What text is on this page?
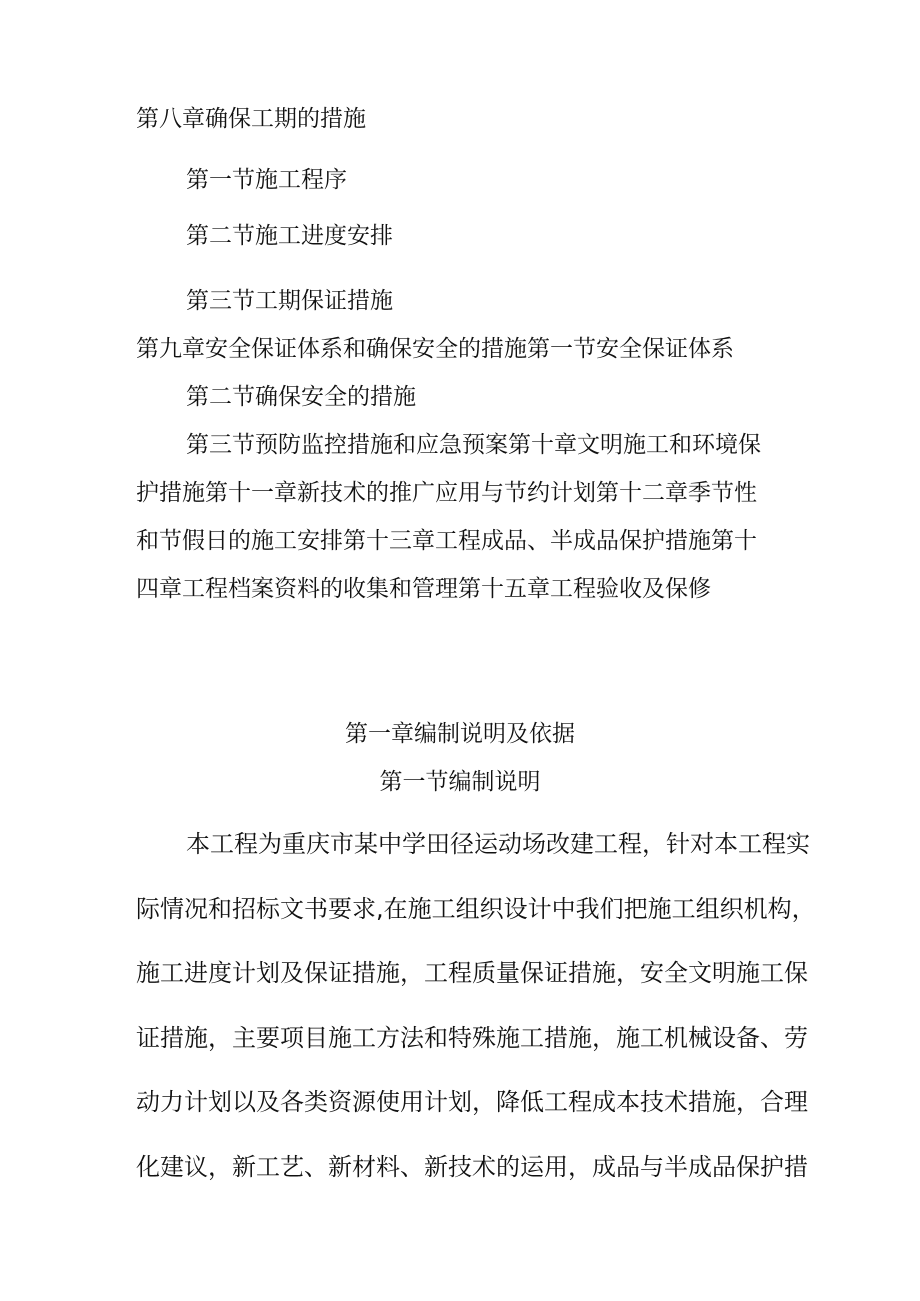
第八章确保工期的措施
第一节施工程序
第二节施工进度安排
第三节工期保证措施
第九章安全保证体系和确保安全的措施第一节安全保证体系
第二节确保安全的措施
第三节预防监控措施和应急预案第十章文明施工和环境保
护措施第十一章新技术的推广应用与节约计划第十二章季节性
和节假日的施工安排第十三章工程成品、半成品保护措施第十
四章工程档案资料的收集和管理第十五章工程验收及保修
第一章编制说明及依据
第一节编制说明
本工程为重庆市某中学田径运动场改建工程，针对本工程实
际情况和招标文书要求,在施工组织设计中我们把施工组织机构，
施工进度计划及保证措施，工程质量保证措施，安全文明施工保
证措施，主要项目施工方法和特殊施工措施，施工机械设备、劳
动力计划以及各类资源使用计划，降低工程成本技术措施，合理
化建议，新工艺、新材料、新技术的运用，成品与半成品保护措
